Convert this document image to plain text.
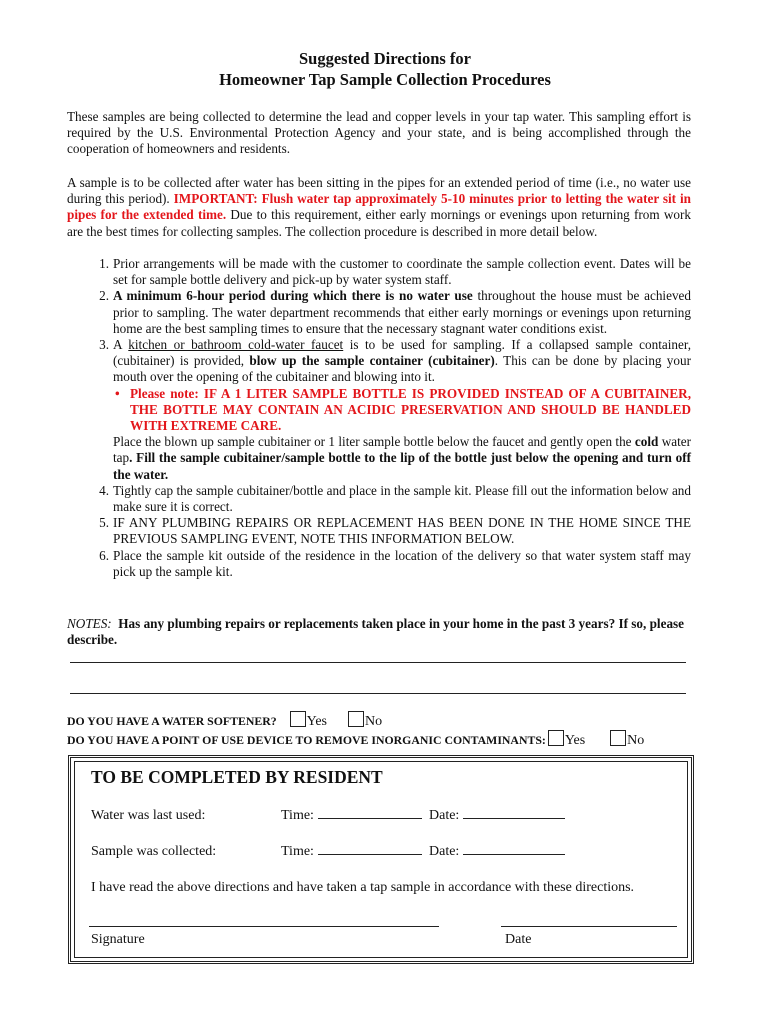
Suggested Directions for
Homeowner Tap Sample Collection Procedures
These samples are being collected to determine the lead and copper levels in your tap water. This sampling effort is required by the U.S. Environmental Protection Agency and your state, and is being accomplished through the cooperation of homeowners and residents.
A sample is to be collected after water has been sitting in the pipes for an extended period of time (i.e., no water use during this period). IMPORTANT: Flush water tap approximately 5-10 minutes prior to letting the water sit in pipes for the extended time. Due to this requirement, either early mornings or evenings upon returning from work are the best times for collecting samples. The collection procedure is described in more detail below.
1. Prior arrangements will be made with the customer to coordinate the sample collection event. Dates will be set for sample bottle delivery and pick-up by water system staff.
2. A minimum 6-hour period during which there is no water use throughout the house must be achieved prior to sampling. The water department recommends that either early mornings or evenings upon returning home are the best sampling times to ensure that the necessary stagnant water conditions exist.
3. A kitchen or bathroom cold-water faucet is to be used for sampling. If a collapsed sample container, (cubitainer) is provided, blow up the sample container (cubitainer). This can be done by placing your mouth over the opening of the cubitainer and blowing into it.
• Please note: IF A 1 LITER SAMPLE BOTTLE IS PROVIDED INSTEAD OF A CUBITAINER, THE BOTTLE MAY CONTAIN AN ACIDIC PRESERVATION AND SHOULD BE HANDLED WITH EXTREME CARE.
Place the blown up sample cubitainer or 1 liter sample bottle below the faucet and gently open the cold water tap. Fill the sample cubitainer/sample bottle to the lip of the bottle just below the opening and turn off the water.
4. Tightly cap the sample cubitainer/bottle and place in the sample kit. Please fill out the information below and make sure it is correct.
5. IF ANY PLUMBING REPAIRS OR REPLACEMENT HAS BEEN DONE IN THE HOME SINCE THE PREVIOUS SAMPLING EVENT, NOTE THIS INFORMATION BELOW.
6. Place the sample kit outside of the residence in the location of the delivery so that water system staff may pick up the sample kit.
NOTES: Has any plumbing repairs or replacements taken place in your home in the past 3 years? If so, please describe.
DO YOU HAVE A WATER SOFTENER? Yes	No
DO YOU HAVE A POINT OF USE DEVICE TO REMOVE INORGANIC CONTAMINANTS: Yes	No
TO BE COMPLETED BY RESIDENT
Water was last used:	Time:	Date:
Sample was collected:	Time:	Date:
I have read the above directions and have taken a tap sample in accordance with these directions.
Signature	Date
